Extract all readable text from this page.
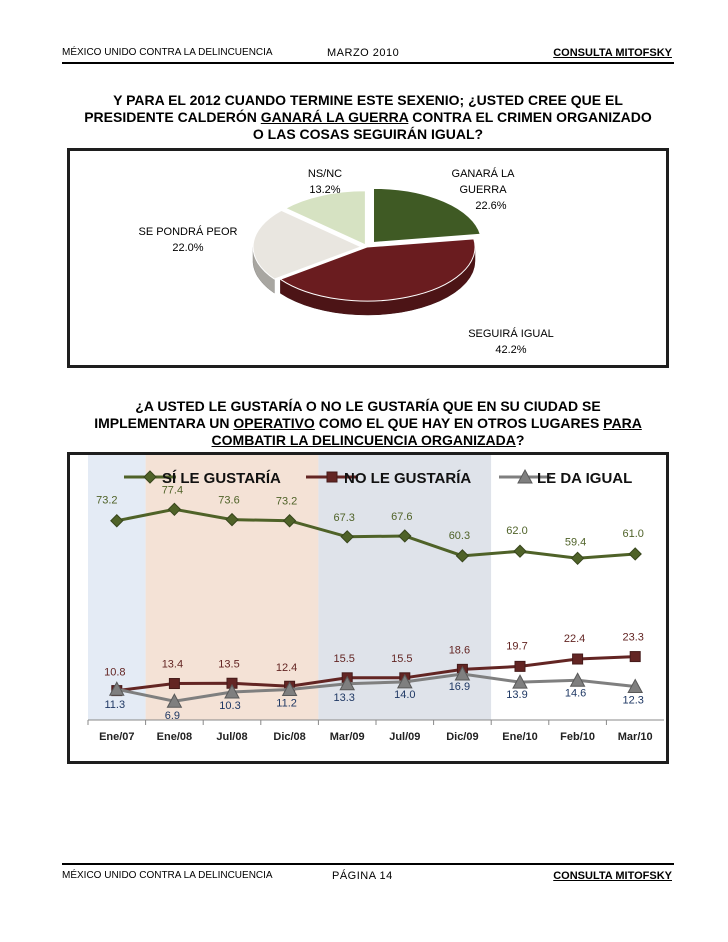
MÉXICO UNIDO CONTRA LA DELINCUENCIA	MARZO 2010	CONSULTA MITOFSKY
Y PARA EL 2012 CUANDO TERMINE ESTE SEXENIO; ¿USTED CREE QUE EL
PRESIDENTE CALDERÓN GANARÁ LA GUERRA CONTRA EL CRIMEN ORGANIZADO
O LAS COSAS SEGUIRÁN IGUAL?
GANARÁ LA
GUERRA
22.6%
SEGUIRÁ IGUAL
42.2%
SE PONDRÁ PEOR
22.0%
NS/NC
13.2%
¿A USTED LE GUSTARÍA O NO LE GUSTARÍA QUE EN SU CIUDAD SE
IMPLEMENTARA UN OPERATIVO COMO EL QUE HAY EN OTROS LUGARES PARA
COMBATIR LA DELINCUENCIA ORGANIZADA?
Ene/07 Ene/08 Jul/08 Dic/08 Mar/09 Jul/09 Dic/09 Ene/10 Feb/10 Mar/10
SÍ LE GUSTARÍA	NO LE GUSTARÍA	LE DA IGUAL
73.2
77.4
73.6	73.2
67.3	67.6
60.3	62.0
59.4
61.0
10.8
13.4	13.5	12.4
15.5	15.5
18.6	19.7
22.4	23.3
11.3
6.9
10.3	11.2	13.3	14.0
16.9
13.9	14.6
12.3
MÉXICO UNIDO CONTRA LA DELINCUENCIA	PÁGINA 14	CONSULTA MITOFSKY
